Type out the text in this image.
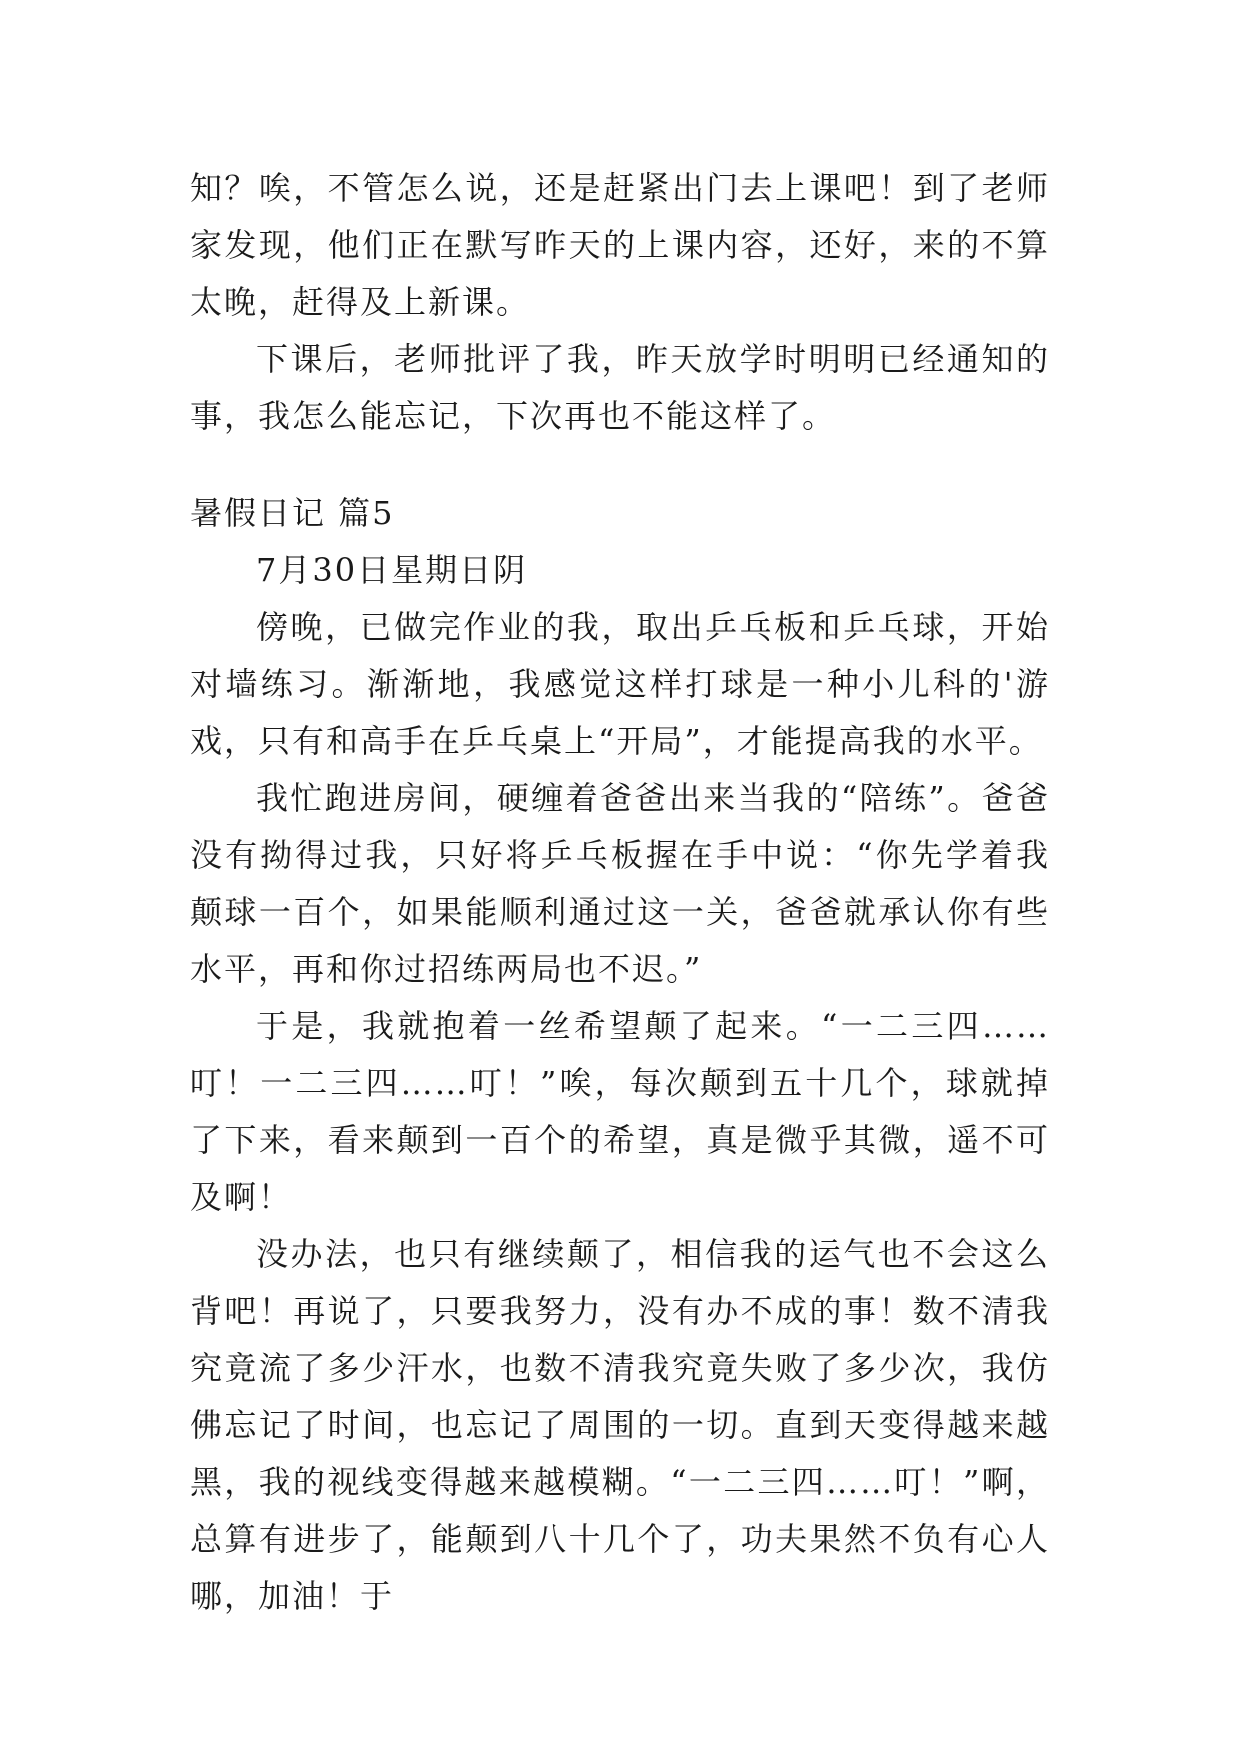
知？唉，不管怎么说，还是赶紧出门去上课吧！到了老师家发现，他们正在默写昨天的上课内容，还好，来的不算太晚，赶得及上新课。

下课后，老师批评了我，昨天放学时明明已经通知的事，我怎么能忘记，下次再也不能这样了。

暑假日记 篇5

7月30日星期日阴

傍晚，已做完作业的我，取出乒乓板和乒乓球，开始对墙练习。渐渐地，我感觉这样打球是一种小儿科的'游戏，只有和高手在乒乓桌上“开局”，才能提高我的水平。

我忙跑进房间，硬缠着爸爸出来当我的“陪练”。爸爸没有拗得过我，只好将乒乓板握在手中说：“你先学着我颠球一百个，如果能顺利通过这一关，爸爸就承认你有些水平，再和你过招练两局也不迟。”

于是，我就抱着一丝希望颠了起来。“一二三四……叮！一二三四……叮！”唉，每次颠到五十几个，球就掉了下来，看来颠到一百个的希望，真是微乎其微，遥不可及啊！

没办法，也只有继续颠了，相信我的运气也不会这么背吧！再说了，只要我努力，没有办不成的事！数不清我究竟流了多少汗水，也数不清我究竟失败了多少次，我仿佛忘记了时间，也忘记了周围的一切。直到天变得越来越黑，我的视线变得越来越模糊。“一二三四……叮！”啊，总算有进步了，能颠到八十几个了，功夫果然不负有心人哪，加油！于
